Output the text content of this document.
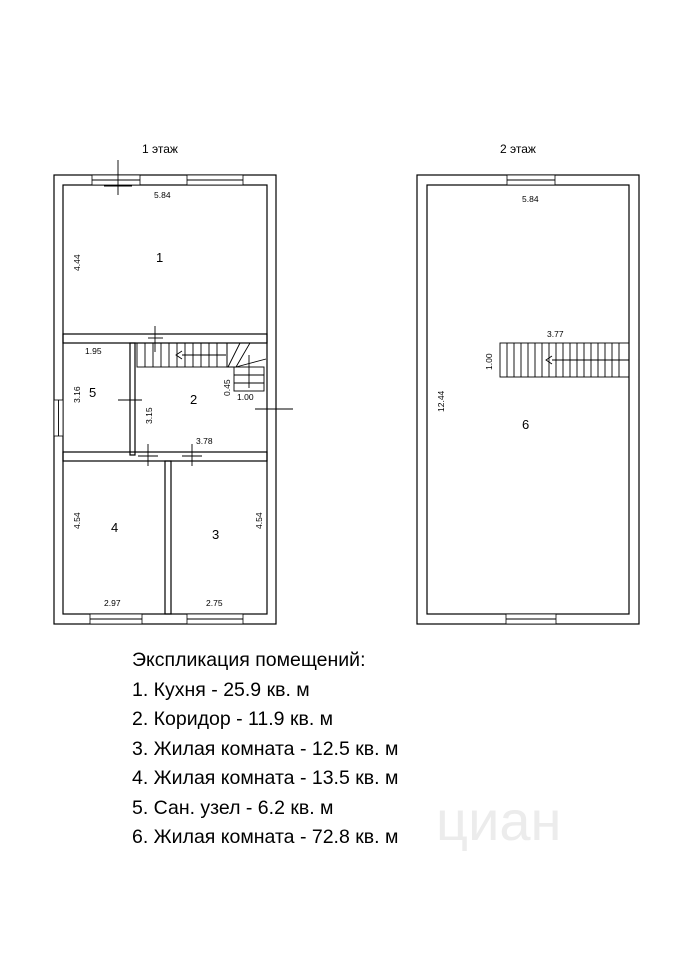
циан
1 этаж	2 этаж
5.84
4.44
1.95
3.16
3.15
0.45
1.00
3.78
4.54	4.54
2.97	2.75
1
2
3
4
5
5.84
3.77
1.00
12.44
6
Экспликация помещений:
1. Кухня - 25.9 кв. м
2. Коридор - 11.9 кв. м
3. Жилая комната - 12.5 кв. м
4. Жилая комната - 13.5 кв. м
5. Сан. узел - 6.2 кв. м
6. Жилая комната - 72.8 кв. м
